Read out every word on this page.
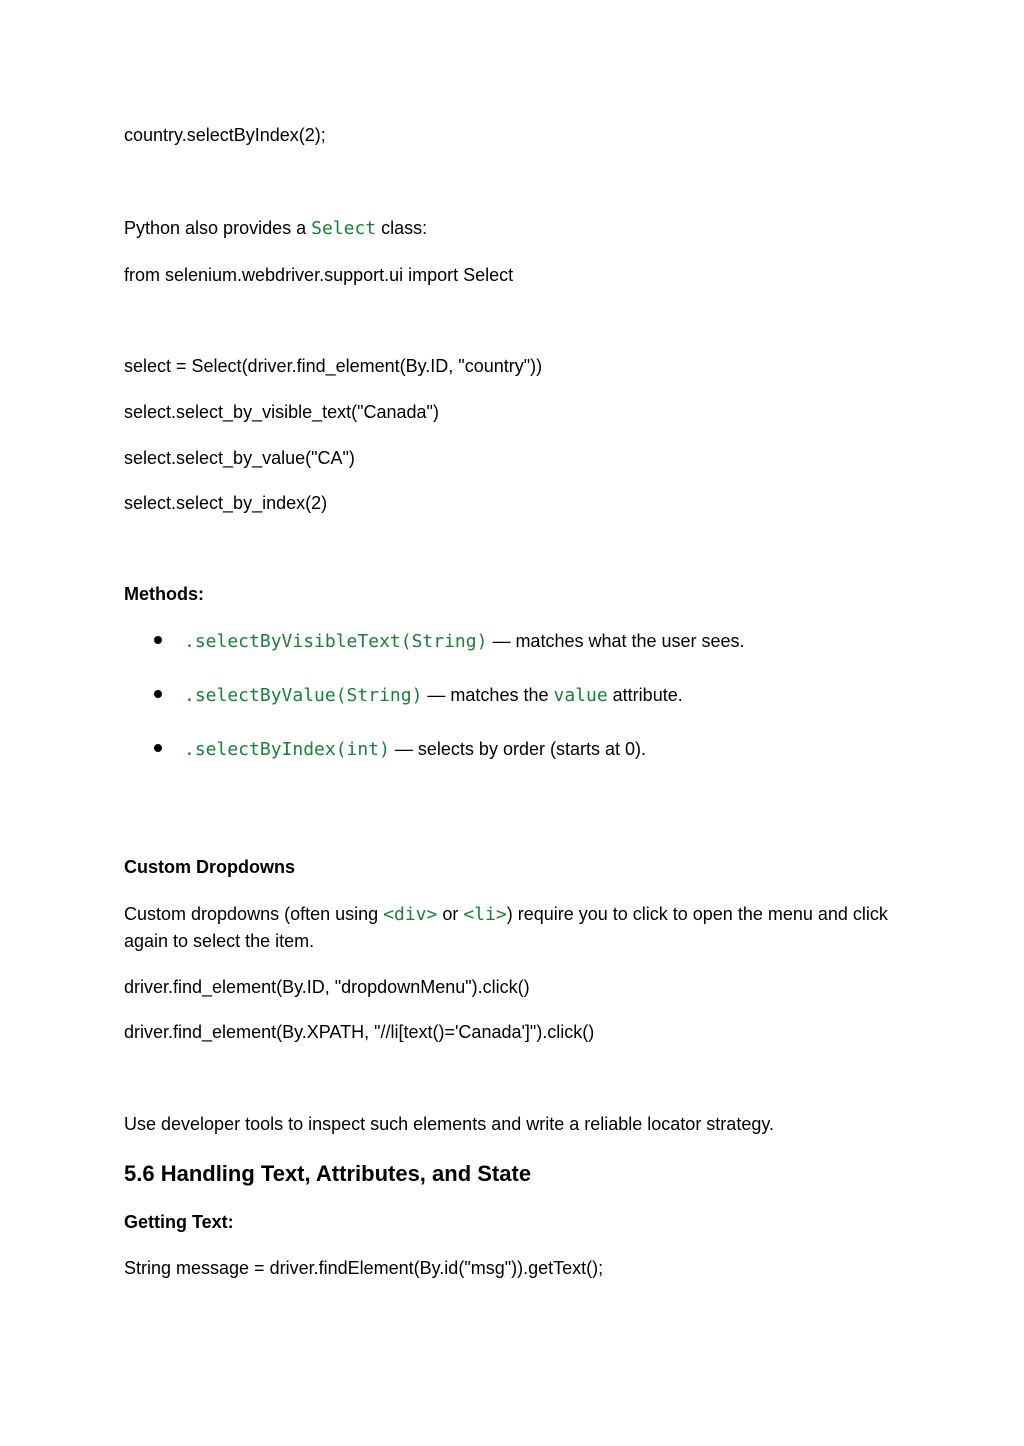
country.selectByIndex(2);
Python also provides a Select class:
from selenium.webdriver.support.ui import Select
select = Select(driver.find_element(By.ID, "country"))
select.select_by_visible_text("Canada")
select.select_by_value("CA")
select.select_by_index(2)
Methods:
.selectByVisibleText(String) — matches what the user sees.
.selectByValue(String) — matches the value attribute.
.selectByIndex(int) — selects by order (starts at 0).
Custom Dropdowns
Custom dropdowns (often using <div> or <li>) require you to click to open the menu and click again to select the item.
driver.find_element(By.ID, "dropdownMenu").click()
driver.find_element(By.XPATH, "//li[text()='Canada']").click()
Use developer tools to inspect such elements and write a reliable locator strategy.
5.6 Handling Text, Attributes, and State
Getting Text:
String message = driver.findElement(By.id("msg")).getText();
